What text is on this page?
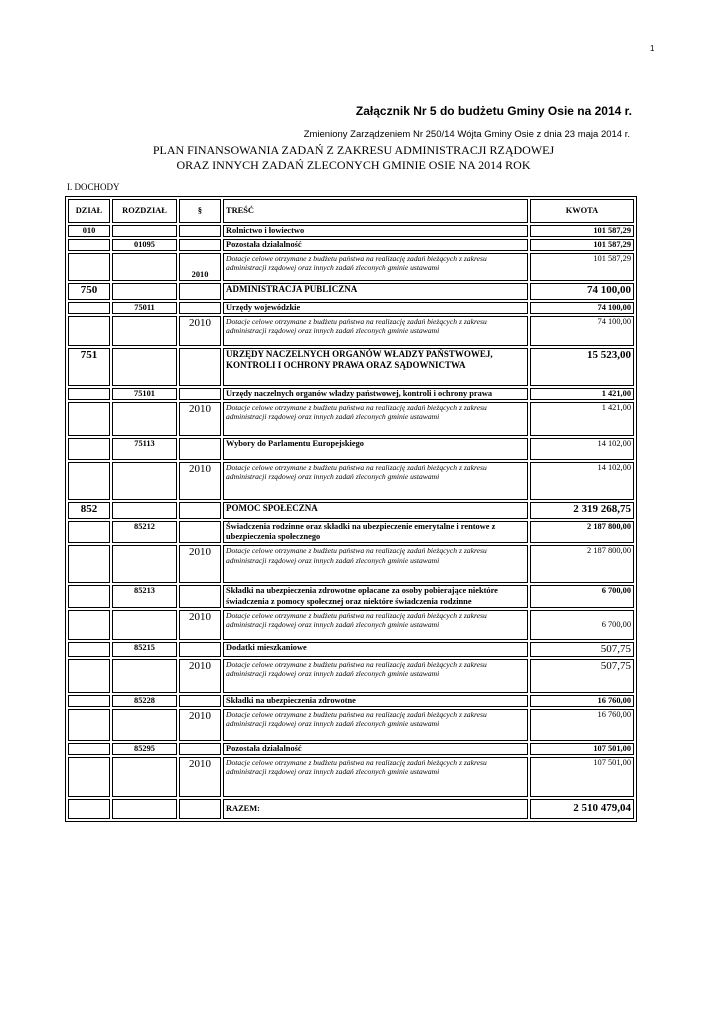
1
Załącznik Nr 5 do budżetu Gminy Osie na 2014 r.
Zmieniony Zarządzeniem Nr 250/14 Wójta Gminy Osie z dnia 23 maja 2014 r.
PLAN FINANSOWANIA ZADAŃ Z ZAKRESU ADMINISTRACJI RZĄDOWEJ
ORAZ INNYCH ZADAŃ ZLECONYCH GMINIE OSIE NA 2014 ROK
I. DOCHODY
DZIAŁ	ROZDZIAŁ	§	TREŚĆ	KWOTA
010			Rolnictwo i łowiectwo	101 587,29
	01095		Pozostała działalność	101 587,29
		2010	Dotacje celowe otrzymane z budżetu państwa na realizację zadań bieżących z zakresu administracji rządowej oraz innych zadań zleconych gminie ustawami	101 587,29
750			ADMINISTRACJA PUBLICZNA	74 100,00
	75011		Urzędy wojewódzkie	74 100,00
		2010	Dotacje celowe otrzymane z budżetu państwa na realizację zadań bieżących z zakresu administracji rządowej oraz innych zadań zleconych gminie ustawami	74 100,00
751			URZĘDY NACZELNYCH ORGANÓW WŁADZY PAŃSTWOWEJ, KONTROLI I OCHRONY PRAWA ORAZ SĄDOWNICTWA	15 523,00
	75101		Urzędy naczelnych organów władzy państwowej, kontroli i ochrony prawa	1 421,00
		2010	Dotacje celowe otrzymane z budżetu państwa na realizację zadań bieżących z zakresu administracji rządowej oraz innych zadań zleconych gminie ustawami	1 421,00
	75113		Wybory do Parlamentu Europejskiego	14 102,00
		2010	Dotacje celowe otrzymane z budżetu państwa na realizację zadań bieżących z zakresu administracji rządowej oraz innych zadań zleconych gminie ustawami	14 102,00
852			POMOC SPOŁECZNA	2 319 268,75
	85212		Świadczenia rodzinne oraz składki na ubezpieczenie emerytalne i rentowe z ubezpieczenia społecznego	2 187 800,00
		2010	Dotacje celowe otrzymane z budżetu państwa na realizację zadań bieżących z zakresu administracji rządowej oraz innych zadań zleconych gminie ustawami	2 187 800,00
	85213		Składki na ubezpieczenia zdrowotne opłacane za osoby pobierające niektóre świadczenia z pomocy społecznej oraz niektóre świadczenia rodzinne	6 700,00
		2010	Dotacje celowe otrzymane z budżetu państwa na realizację zadań bieżących z zakresu administracji rządowej oraz innych zadań zleconych gminie ustawami	6 700,00
	85215		Dodatki mieszkaniowe	507,75
		2010	Dotacje celowe otrzymane z budżetu państwa na realizację zadań bieżących z zakresu administracji rządowej oraz innych zadań zleconych gminie ustawami	507,75
	85228		Składki na ubezpieczenia zdrowotne	16 760,00
		2010	Dotacje celowe otrzymane z budżetu państwa na realizację zadań bieżących z zakresu administracji rządowej oraz innych zadań zleconych gminie ustawami	16 760,00
	85295		Pozostała działalność	107 501,00
		2010	Dotacje celowe otrzymane z budżetu państwa na realizację zadań bieżących z zakresu administracji rządowej oraz innych zadań zleconych gminie ustawami	107 501,00
			RAZEM:	2 510 479,04
